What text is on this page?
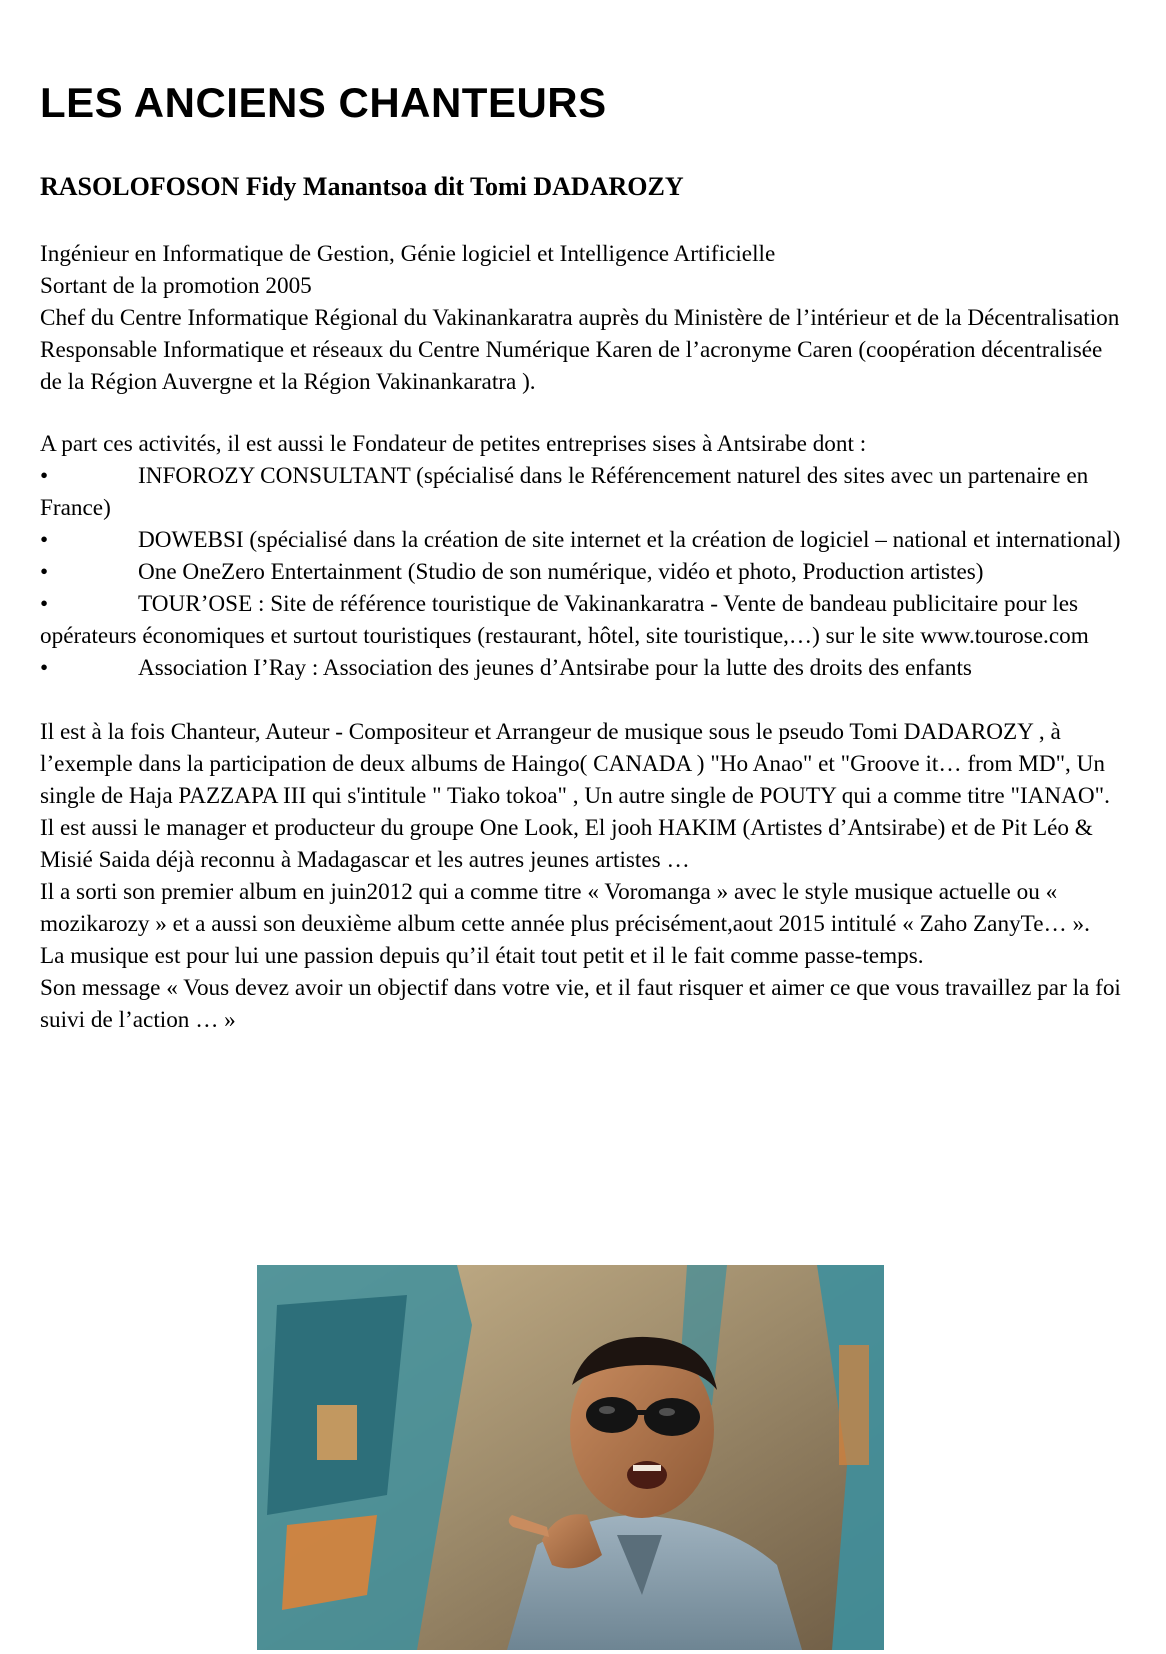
LES ANCIENS CHANTEURS
RASOLOFOSON Fidy Manantsoa dit Tomi DADAROZY

Ingénieur en Informatique de Gestion, Génie logiciel et Intelligence Artificielle

Sortant de la promotion 2005

Chef du Centre Informatique Régional du Vakinankaratra auprès du Ministère de l’intérieur et de la Décentralisation

Responsable Informatique et réseaux du Centre Numérique Karen de l’acronyme Caren (coopération décentralisée de la Région Auvergne et la Région Vakinankaratra ).

A part ces activités, il est aussi le Fondateur de petites entreprises sises à Antsirabe dont :

•	INFOROZY CONSULTANT (spécialisé dans le Référencement naturel des sites avec un partenaire en France)
•	DOWEBSI (spécialisé dans la création de site internet et la création de logiciel – national et international)
•	One OneZero Entertainment (Studio de son numérique, vidéo et photo, Production artistes)
•	TOUR’OSE : Site de référence touristique de Vakinankaratra - Vente de bandeau publicitaire pour les opérateurs économiques et surtout touristiques (restaurant, hôtel, site touristique,…) sur le site www.tourose.com
•	Association I’Ray : Association des jeunes d’Antsirabe pour la lutte des droits des enfants

Il est à la fois Chanteur, Auteur - Compositeur et Arrangeur de musique sous le pseudo Tomi DADAROZY , à l’exemple dans la participation de deux albums de Haingo( CANADA ) "Ho Anao" et "Groove it… from MD", Un single de Haja PAZZAPA III qui s'intitule " Tiako tokoa" , Un autre single de POUTY qui a comme titre "IANAO". Il est aussi le manager et producteur du groupe One Look, El jooh HAKIM (Artistes d’Antsirabe) et de Pit Léo & Misié Saida déjà reconnu à Madagascar et les autres jeunes artistes …

Il a sorti son premier album en juin2012 qui a comme titre « Voromanga » avec le style musique actuelle ou « mozikarozy » et a aussi son deuxième album cette année plus précisément,aout 2015 intitulé « Zaho ZanyTe… ».

La musique est pour lui une passion depuis qu’il était tout petit et il le fait comme passe-temps.

Son message « Vous devez avoir un objectif dans votre vie, et il faut risquer et aimer ce que vous travaillez par la foi suivi de l’action … »
